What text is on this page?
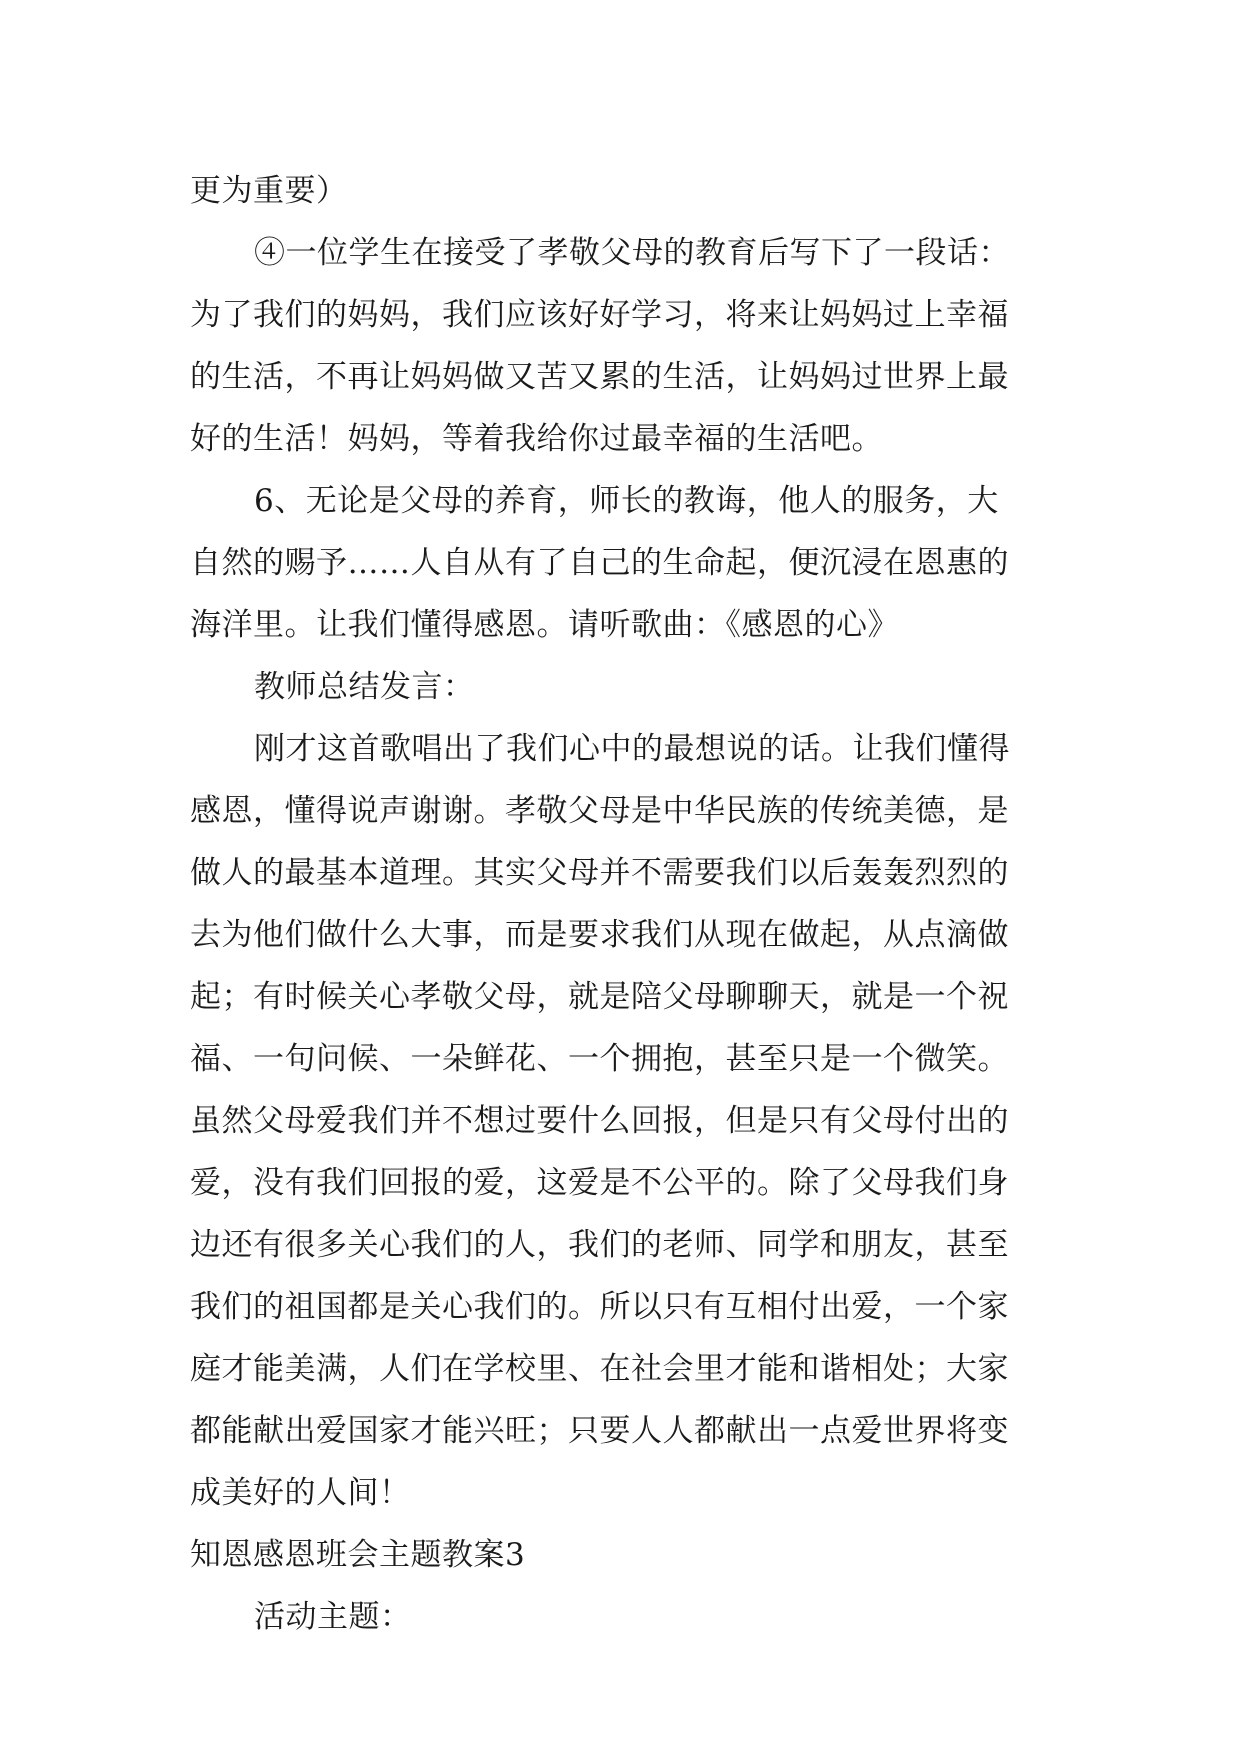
更为重要）
④一位学生在接受了孝敬父母的教育后写下了一段话：
为了我们的妈妈，我们应该好好学习，将来让妈妈过上幸福
的生活，不再让妈妈做又苦又累的生活，让妈妈过世界上最
好的生活！妈妈，等着我给你过最幸福的生活吧。
6、无论是父母的养育，师长的教诲，他人的服务，大
自然的赐予……人自从有了自己的生命起，便沉浸在恩惠的
海洋里。让我们懂得感恩。请听歌曲：《感恩的心》
教师总结发言：
刚才这首歌唱出了我们心中的最想说的话。让我们懂得
感恩，懂得说声谢谢。孝敬父母是中华民族的传统美德，是
做人的最基本道理。其实父母并不需要我们以后轰轰烈烈的
去为他们做什么大事，而是要求我们从现在做起，从点滴做
起；有时候关心孝敬父母，就是陪父母聊聊天，就是一个祝
福、一句问候、一朵鲜花、一个拥抱，甚至只是一个微笑。
虽然父母爱我们并不想过要什么回报，但是只有父母付出的
爱，没有我们回报的爱，这爱是不公平的。除了父母我们身
边还有很多关心我们的人，我们的老师、同学和朋友，甚至
我们的祖国都是关心我们的。所以只有互相付出爱，一个家
庭才能美满，人们在学校里、在社会里才能和谐相处；大家
都能献出爱国家才能兴旺；只要人人都献出一点爱世界将变
成美好的人间！
知恩感恩班会主题教案3
活动主题：
